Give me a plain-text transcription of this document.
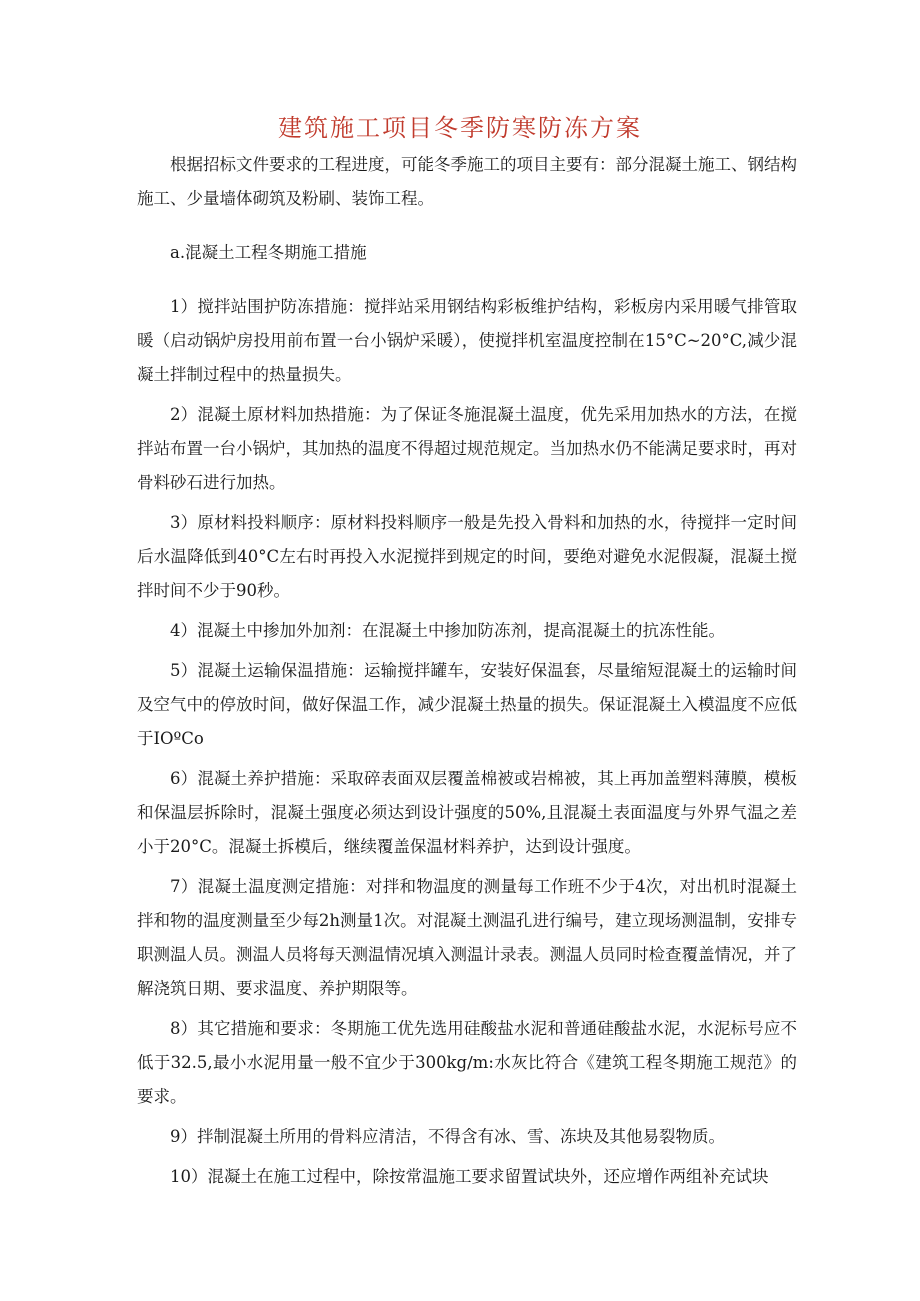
建筑施工项目冬季防寒防冻方案

根据招标文件要求的工程进度，可能冬季施工的项目主要有：部分混凝土施工、钢结构施工、少量墙体砌筑及粉刷、装饰工程。

a.混凝土工程冬期施工措施

1）搅拌站围护防冻措施：搅拌站采用钢结构彩板维护结构，彩板房内采用暖气排管取暖（启动锅炉房投用前布置一台小锅炉采暖），使搅拌机室温度控制在15°C~20°C,减少混凝土拌制过程中的热量损失。

2）混凝土原材料加热措施：为了保证冬施混凝土温度，优先采用加热水的方法，在搅拌站布置一台小锅炉，其加热的温度不得超过规范规定。当加热水仍不能满足要求时，再对骨料砂石进行加热。

3）原材料投料顺序：原材料投料顺序一般是先投入骨料和加热的水，待搅拌一定时间后水温降低到40°C左右时再投入水泥搅拌到规定的时间，要绝对避免水泥假凝，混凝土搅拌时间不少于90秒。

4）混凝土中掺加外加剂：在混凝土中掺加防冻剂，提高混凝土的抗冻性能。

5）混凝土运输保温措施：运输搅拌罐车，安装好保温套，尽量缩短混凝土的运输时间及空气中的停放时间，做好保温工作，减少混凝土热量的损失。保证混凝土入模温度不应低于IOºCo

6）混凝土养护措施：采取碎表面双层覆盖棉被或岩棉被，其上再加盖塑料薄膜，模板和保温层拆除时，混凝土强度必须达到设计强度的50%,且混凝土表面温度与外界气温之差小于20°C。混凝土拆模后，继续覆盖保温材料养护，达到设计强度。

7）混凝土温度测定措施：对拌和物温度的测量每工作班不少于4次，对出机时混凝土拌和物的温度测量至少每2h测量1次。对混凝土测温孔进行编号，建立现场测温制，安排专职测温人员。测温人员将每天测温情况填入测温计录表。测温人员同时检查覆盖情况，并了解浇筑日期、要求温度、养护期限等。

8）其它措施和要求：冬期施工优先选用硅酸盐水泥和普通硅酸盐水泥，水泥标号应不低于32.5,最小水泥用量一般不宜少于300kg∕m:水灰比符合《建筑工程冬期施工规范》的要求。

9）拌制混凝土所用的骨料应清洁，不得含有冰、雪、冻块及其他易裂物质。

10）混凝土在施工过程中，除按常温施工要求留置试块外，还应增作两组补充试块
